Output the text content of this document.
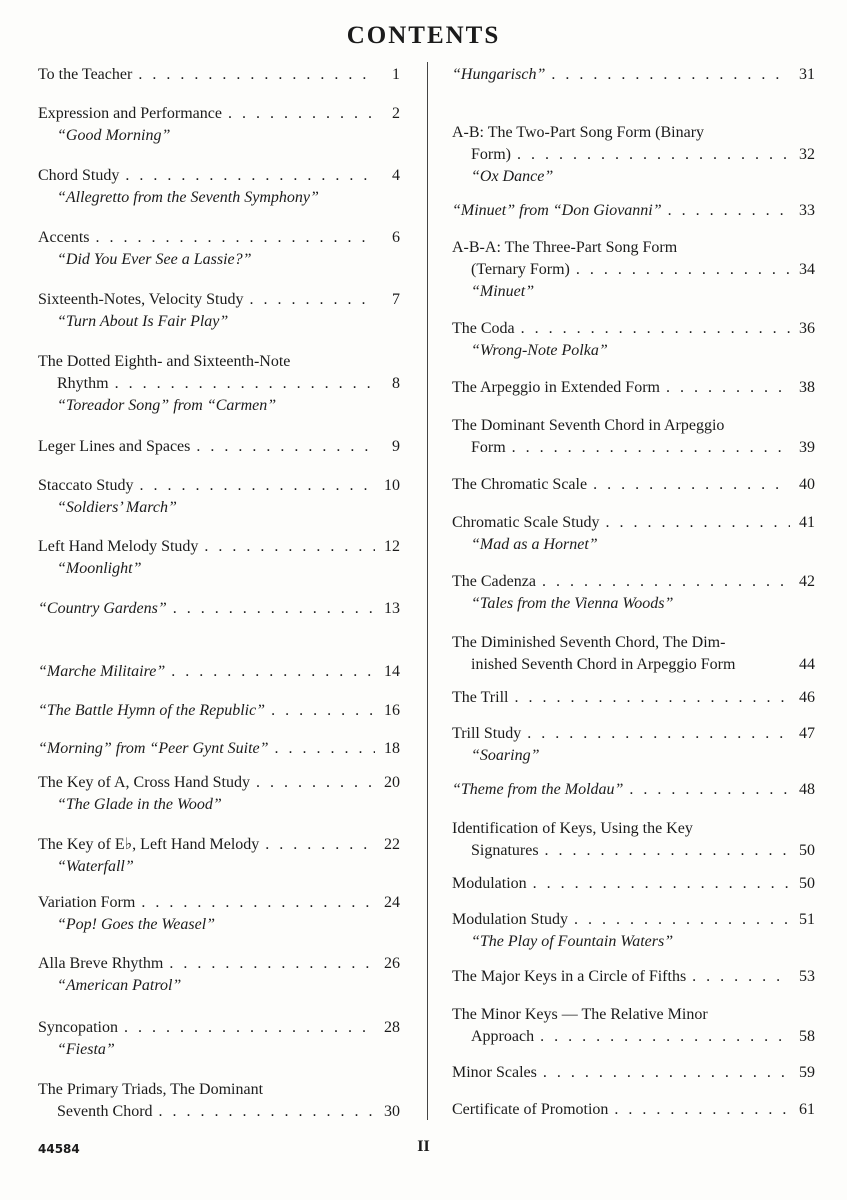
CONTENTS
To the Teacher . . .	1
Expression and Performance . . .	2
“Good Morning”
Chord Study . . .	4
“Allegretto from the Seventh Symphony”
Accents . . .	6
“Did You Ever See a Lassie?”
Sixteenth-Notes, Velocity Study . . .	7
“Turn About Is Fair Play”
The Dotted Eighth- and Sixteenth-Note
Rhythm . . .	8
“Toreador Song” from “Carmen”
Leger Lines and Spaces . . .	9
Staccato Study . . .	10
“Soldiers’ March”
Left Hand Melody Study . . .	12
“Moonlight”
“Country Gardens” . . .	13
“Marche Militaire” . . .	14
“The Battle Hymn of the Republic” . . .	16
“Morning” from “Peer Gynt Suite” . . .	18
The Key of A, Cross Hand Study . . .	20
“The Glade in the Wood”
The Key of E♭, Left Hand Melody . . .	22
“Waterfall”
Variation Form . . .	24
“Pop! Goes the Weasel”
Alla Breve Rhythm . . .	26
“American Patrol”
Syncopation . . .	28
“Fiesta”
The Primary Triads, The Dominant
Seventh Chord . . .	30
“Hungarisch” . . .	31
A-B: The Two-Part Song Form (Binary
Form) . . .	32
“Ox Dance”
“Minuet” from “Don Giovanni” . . .	33
A-B-A: The Three-Part Song Form
(Ternary Form) . . .	34
“Minuet”
The Coda . . .	36
“Wrong-Note Polka”
The Arpeggio in Extended Form . . .	38
The Dominant Seventh Chord in Arpeggio
Form . . .	39
The Chromatic Scale . . .	40
Chromatic Scale Study . . .	41
“Mad as a Hornet”
The Cadenza . . .	42
“Tales from the Vienna Woods”
The Diminished Seventh Chord, The Dim-
inished Seventh Chord in Arpeggio Form	44
The Trill . . .	46
Trill Study . . .	47
“Soaring”
“Theme from the Moldau” . . .	48
Identification of Keys, Using the Key
Signatures . . .	50
Modulation . . .	50
Modulation Study . . .	51
“The Play of Fountain Waters”
The Major Keys in a Circle of Fifths . . .	53
The Minor Keys — The Relative Minor
Approach . . .	58
Minor Scales . . .	59
Certificate of Promotion . . .	61
44584	II
